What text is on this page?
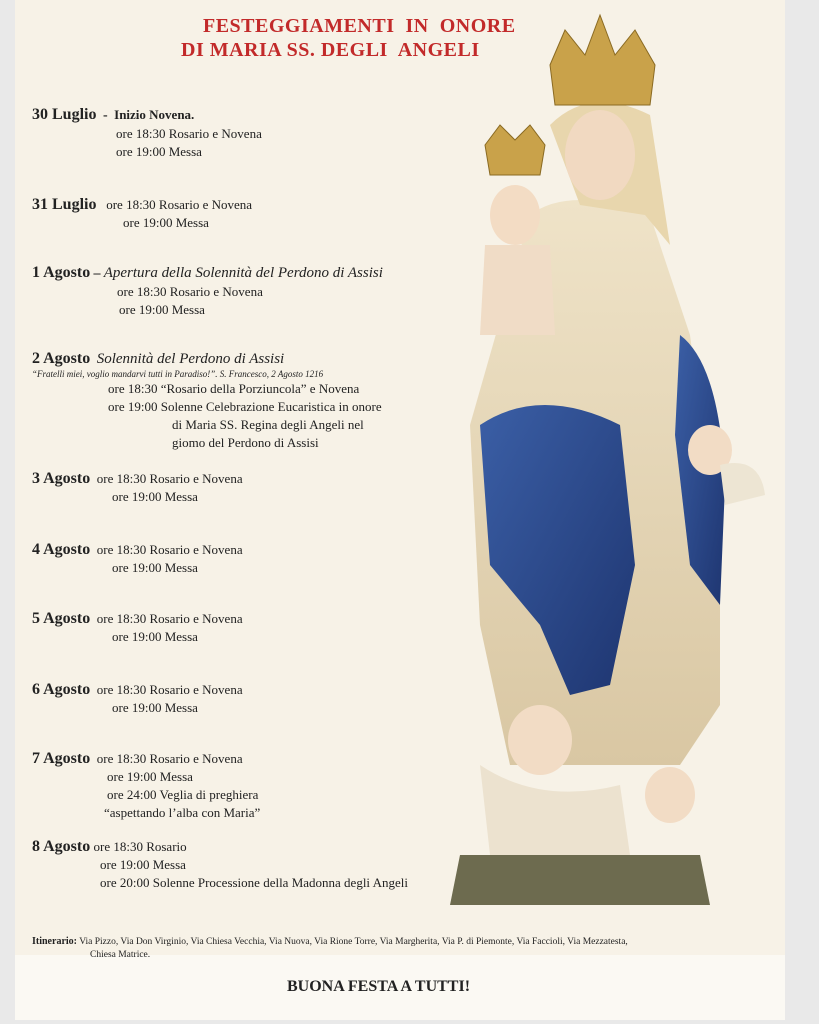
FESTEGGIAMENTI  IN  ONORE
DI MARIA SS. DEGLI  ANGELI
30 Luglio - Inizio Novena.
ore 18:30 Rosario e Novena
ore 19:00 Messa
31 Luglio ore 18:30 Rosario e Novena
ore 19:00 Messa
1 Agosto – Apertura della Solennità del Perdono di Assisi
ore 18:30 Rosario e Novena
ore 19:00 Messa
2 Agosto Solennità del Perdono di Assisi
“Fratelli miei, voglio mandarvi tutti in Paradiso!”. S. Francesco, 2 Agosto 1216
ore 18:30 “Rosario della Porziuncola” e Novena
ore 19:00 Solenne Celebrazione Eucaristica in onore
di Maria SS. Regina degli Angeli nel
giomo del Perdono di Assisi
3 Agosto ore 18:30 Rosario e Novena
ore 19:00 Messa
4 Agosto ore 18:30 Rosario e Novena
ore 19:00 Messa
5 Agosto ore 18:30 Rosario e Novena
ore 19:00 Messa
6 Agosto ore 18:30 Rosario e Novena
ore 19:00 Messa
7 Agosto ore 18:30 Rosario e Novena
ore 19:00 Messa
ore 24:00 Veglia di preghiera
“aspettando l’alba con Maria”
8 Agosto ore 18:30 Rosario
ore 19:00 Messa
ore 20:00 Solenne Processione della Madonna degli Angeli
Itinerario: Via Pizzo, Via Don Virginio, Via Chiesa Vecchia, Via Nuova, Via Rione Torre, Via Margherita, Via P. di Piemonte, Via Faccioli, Via Mezzatesta,
Chiesa Matrice.
BUONA FESTA A TUTTI!
